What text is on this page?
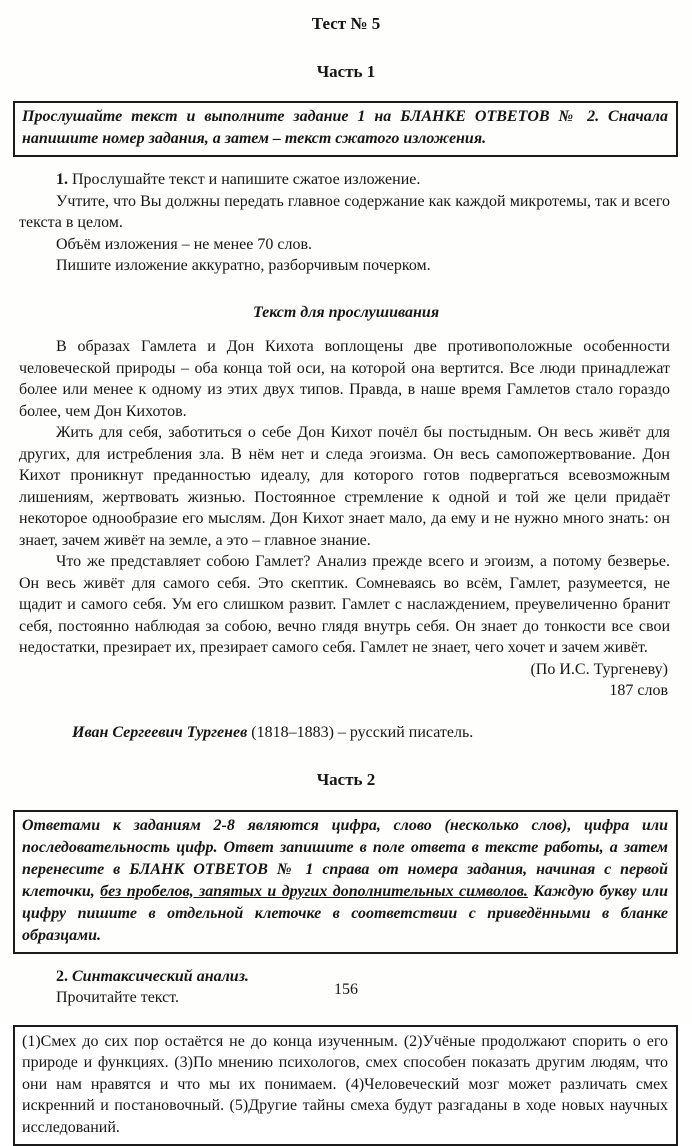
Тест № 5
Часть 1
Прослушайте текст и выполните задание 1 на БЛАНКЕ ОТВЕТОВ № 2. Сначала напишите номер задания, а затем – текст сжатого изложения.
1. Прослушайте текст и напишите сжатое изложение.
Учтите, что Вы должны передать главное содержание как каждой микротемы, так и всего текста в целом.
Объём изложения – не менее 70 слов.
Пишите изложение аккуратно, разборчивым почерком.
Текст для прослушивания
В образах Гамлета и Дон Кихота воплощены две противоположные особенности человеческой природы – оба конца той оси, на которой она вертится. Все люди принадлежат более или менее к одному из этих двух типов. Правда, в наше время Гамлетов стало гораздо более, чем Дон Кихотов.
Жить для себя, заботиться о себе Дон Кихот почёл бы постыдным. Он весь живёт для других, для истребления зла. В нём нет и следа эгоизма. Он весь самопожертвование. Дон Кихот проникнут преданностью идеалу, для которого готов подвергаться всевозможным лишениям, жертвовать жизнью. Постоянное стремление к одной и той же цели придаёт некоторое однообразие его мыслям. Дон Кихот знает мало, да ему и не нужно много знать: он знает, зачем живёт на земле, а это – главное знание.
Что же представляет собою Гамлет? Анализ прежде всего и эгоизм, а потому безверье. Он весь живёт для самого себя. Это скептик. Сомневаясь во всём, Гамлет, разумеется, не щадит и самого себя. Ум его слишком развит. Гамлет с наслаждением, преувеличенно бранит себя, постоянно наблюдая за собою, вечно глядя внутрь себя. Он знает до тонкости все свои недостатки, презирает их, презирает самого себя. Гамлет не знает, чего хочет и зачем живёт.
(По И.С. Тургеневу)
187 слов
Иван Сергеевич Тургенев (1818–1883) – русский писатель.
Часть 2
Ответами к заданиям 2-8 являются цифра, слово (несколько слов), цифра или последовательность цифр. Ответ запишите в поле ответа в тексте работы, а затем перенесите в БЛАНК ОТВЕТОВ № 1 справа от номера задания, начиная с первой клеточки, без пробелов, запятых и других дополнительных символов. Каждую букву или цифру пишите в отдельной клеточке в соответствии с приведёнными в бланке образцами.
2. Синтаксический анализ.
Прочитайте текст.
(1)Смех до сих пор остаётся не до конца изученным. (2)Учёные продолжают спорить о его природе и функциях. (3)По мнению психологов, смех способен показать другим людям, что они нам нравятся и что мы их понимаем. (4)Человеческий мозг может различать смех искренний и постановочный. (5)Другие тайны смеха будут разгаданы в ходе новых научных исследований.
156
